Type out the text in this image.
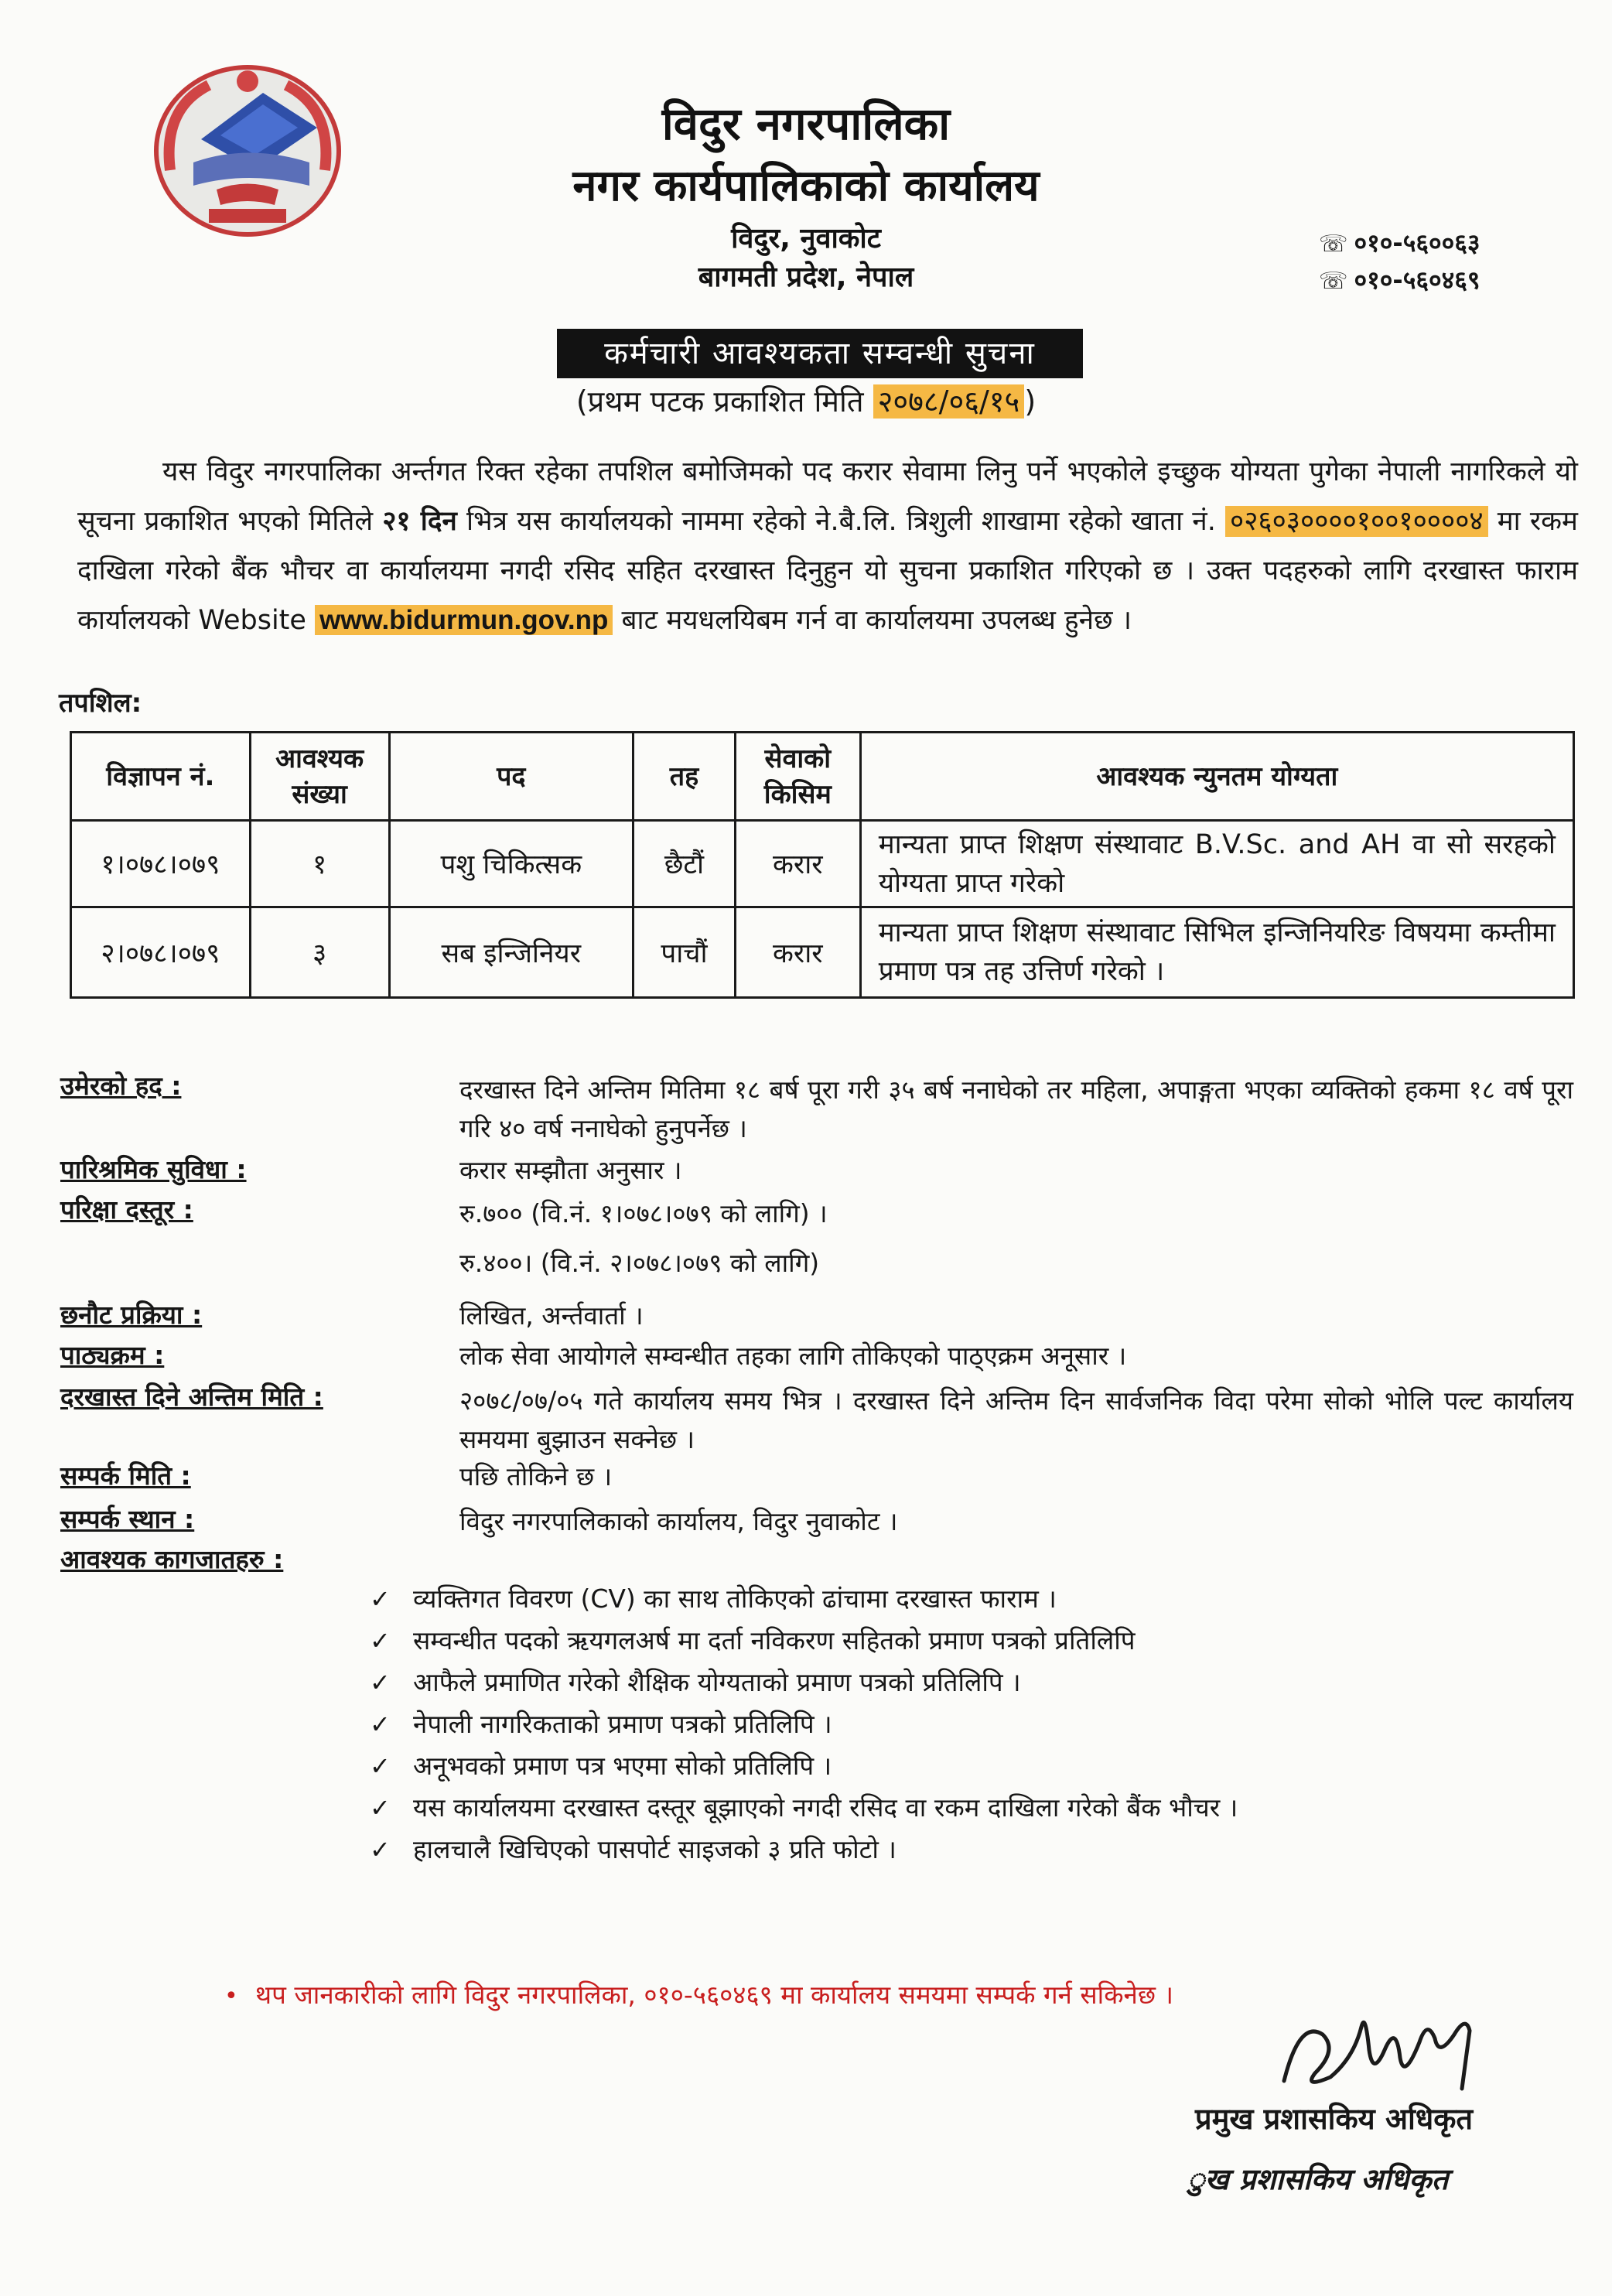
विदुर नगरपालिका
नगर कार्यपालिकाको कार्यालय
विदुर, नुवाकोट
बागमती प्रदेश, नेपाल
☏ ०१०-५६००६३
☏ ०१०-५६०४६९
कर्मचारी आवश्यकता सम्वन्धी सुचना
(प्रथम पटक प्रकाशित मिति २०७८/०६/१५ )
यस विदुर नगरपालिका अर्न्तगत रिक्त रहेका तपशिल बमोजिमको पद करार सेवामा लिनु पर्ने भएकोले इच्छुक योग्यता पुगेका नेपाली नागरिकले यो सूचना प्रकाशित भएको मितिले २१ दिन भित्र यस कार्यालयको नाममा रहेको ने.बै.लि. त्रिशुली शाखामा रहेको खाता नं. ०२६०३००००१००१००००४ मा रकम दाखिला गरेको बैंक भौचर वा कार्यालयमा नगदी रसिद सहित दरखास्त दिनुहुन यो सुचना प्रकाशित गरिएको छ । उक्त पदहरुको लागि दरखास्त फाराम कार्यालयको Website www.bidurmun.gov.np बाट मयधलयिबम गर्न वा कार्यालयमा उपलब्ध हुनेछ ।
तपशिल:
विज्ञापन नं.	आवश्यक संख्या	पद	तह	सेवाको किसिम	आवश्यक न्युनतम योग्यता
१।०७८।०७९	१	पशु चिकित्सक	छैटौं	करार	मान्यता प्राप्त शिक्षण संस्थावाट B.V.Sc. and AH वा सो सरहको योग्यता प्राप्त गरेको
२।०७८।०७९	३	सब इन्जिनियर	पाचौं	करार	मान्यता प्राप्त शिक्षण संस्थावाट सिभिल इन्जिनियरिङ विषयमा कम्तीमा प्रमाण पत्र तह उत्तिर्ण गरेको ।
उमेरको हद :	दरखास्त दिने अन्तिम मितिमा १८ बर्ष पूरा गरी ३५ बर्ष ननाघेको तर महिला, अपाङ्गता भएका व्यक्तिको हकमा १८ वर्ष पूरा गरि ४० वर्ष ननाघेको हुनुपर्नेछ ।
पारिश्रमिक सुविधा :	करार सम्झौता अनुसार ।
परिक्षा दस्तूर :	रु.७०० (वि.नं. १।०७८।०७९ को लागि) ।
रु.४००। (वि.नं. २।०७८।०७९ को लागि)
छनौट प्रक्रिया :	लिखित, अर्न्तवार्ता ।
पाठ्यक्रम :	लोक सेवा आयोगले सम्वन्धीत तहका लागि तोकिएको पाठ्एक्रम अनूसार ।
दरखास्त दिने अन्तिम मिति :	२०७८/०७/०५ गते कार्यालय समय भित्र । दरखास्त दिने अन्तिम दिन सार्वजनिक विदा परेमा सोको भोलि पल्ट कार्यालय समयमा बुझाउन सक्नेछ ।
सम्पर्क मिति :	पछि तोकिने छ ।
सम्पर्क स्थान :	विदुर नगरपालिकाको कार्यालय, विदुर नुवाकोट ।
आवश्यक कागजातहरु :
✓ व्यक्तिगत विवरण (CV) का साथ तोकिएको ढांचामा दरखास्त फाराम ।
✓ सम्वन्धीत पदको ऋयगलअर्ष मा दर्ता नविकरण सहितको प्रमाण पत्रको प्रतिलिपि
✓ आफैले प्रमाणित गरेको शैक्षिक योग्यताको प्रमाण पत्रको प्रतिलिपि ।
✓ नेपाली नागरिकताको प्रमाण पत्रको प्रतिलिपि ।
✓ अनूभवको प्रमाण पत्र भएमा सोको प्रतिलिपि ।
✓ यस कार्यालयमा दरखास्त दस्तूर बूझाएको नगदी रसिद वा रकम दाखिला गरेको बैंक भौचर ।
✓ हालचालै खिचिएको पासपोर्ट साइजको ३ प्रति फोटो ।
• थप जानकारीको लागि विदुर नगरपालिका, ०१०-५६०४६९ मा कार्यालय समयमा सम्पर्क गर्न सकिनेछ ।
प्रमुख प्रशासकिय अधिकृत
ुख प्रशासकिय अधिकृत
